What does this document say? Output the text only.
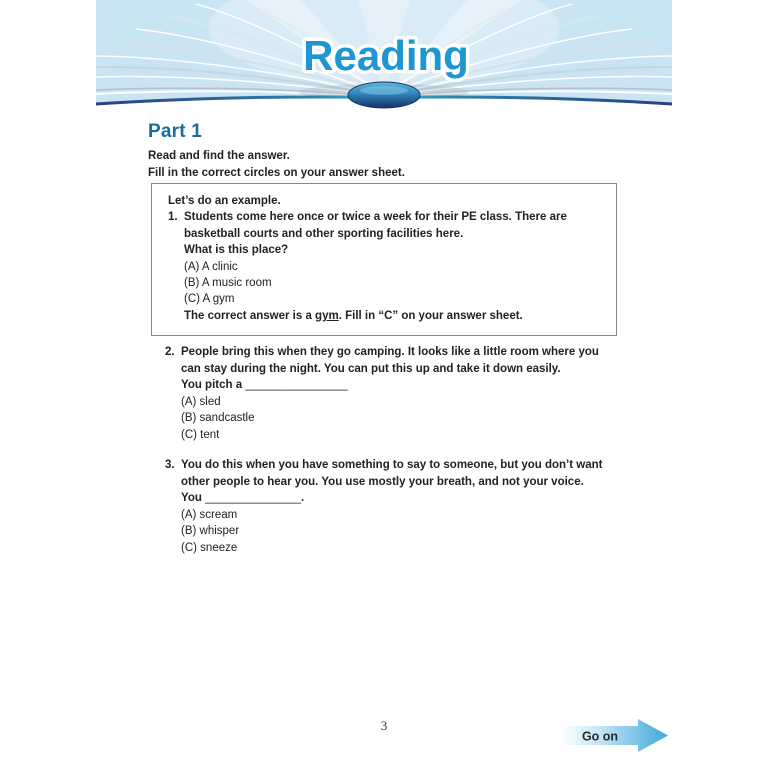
Reading
Part 1
Read and find the answer.
Fill in the correct circles on your answer sheet.
Let’s do an example.
1. Students come here once or twice a week for their PE class. There are basketball courts and other sporting facilities here.
What is this place?
(A) A clinic
(B) A music room
(C) A gym
The correct answer is a gym. Fill in “C” on your answer sheet.
2. People bring this when they go camping. It looks like a little room where you can stay during the night. You can put this up and take it down easily.
You pitch a ________________
(A) sled
(B) sandcastle
(C) tent
3. You do this when you have something to say to someone, but you don’t want other people to hear you. You use mostly your breath, and not your voice.
You _______________.
(A) scream
(B) whisper
(C) sneeze
3
Go on
